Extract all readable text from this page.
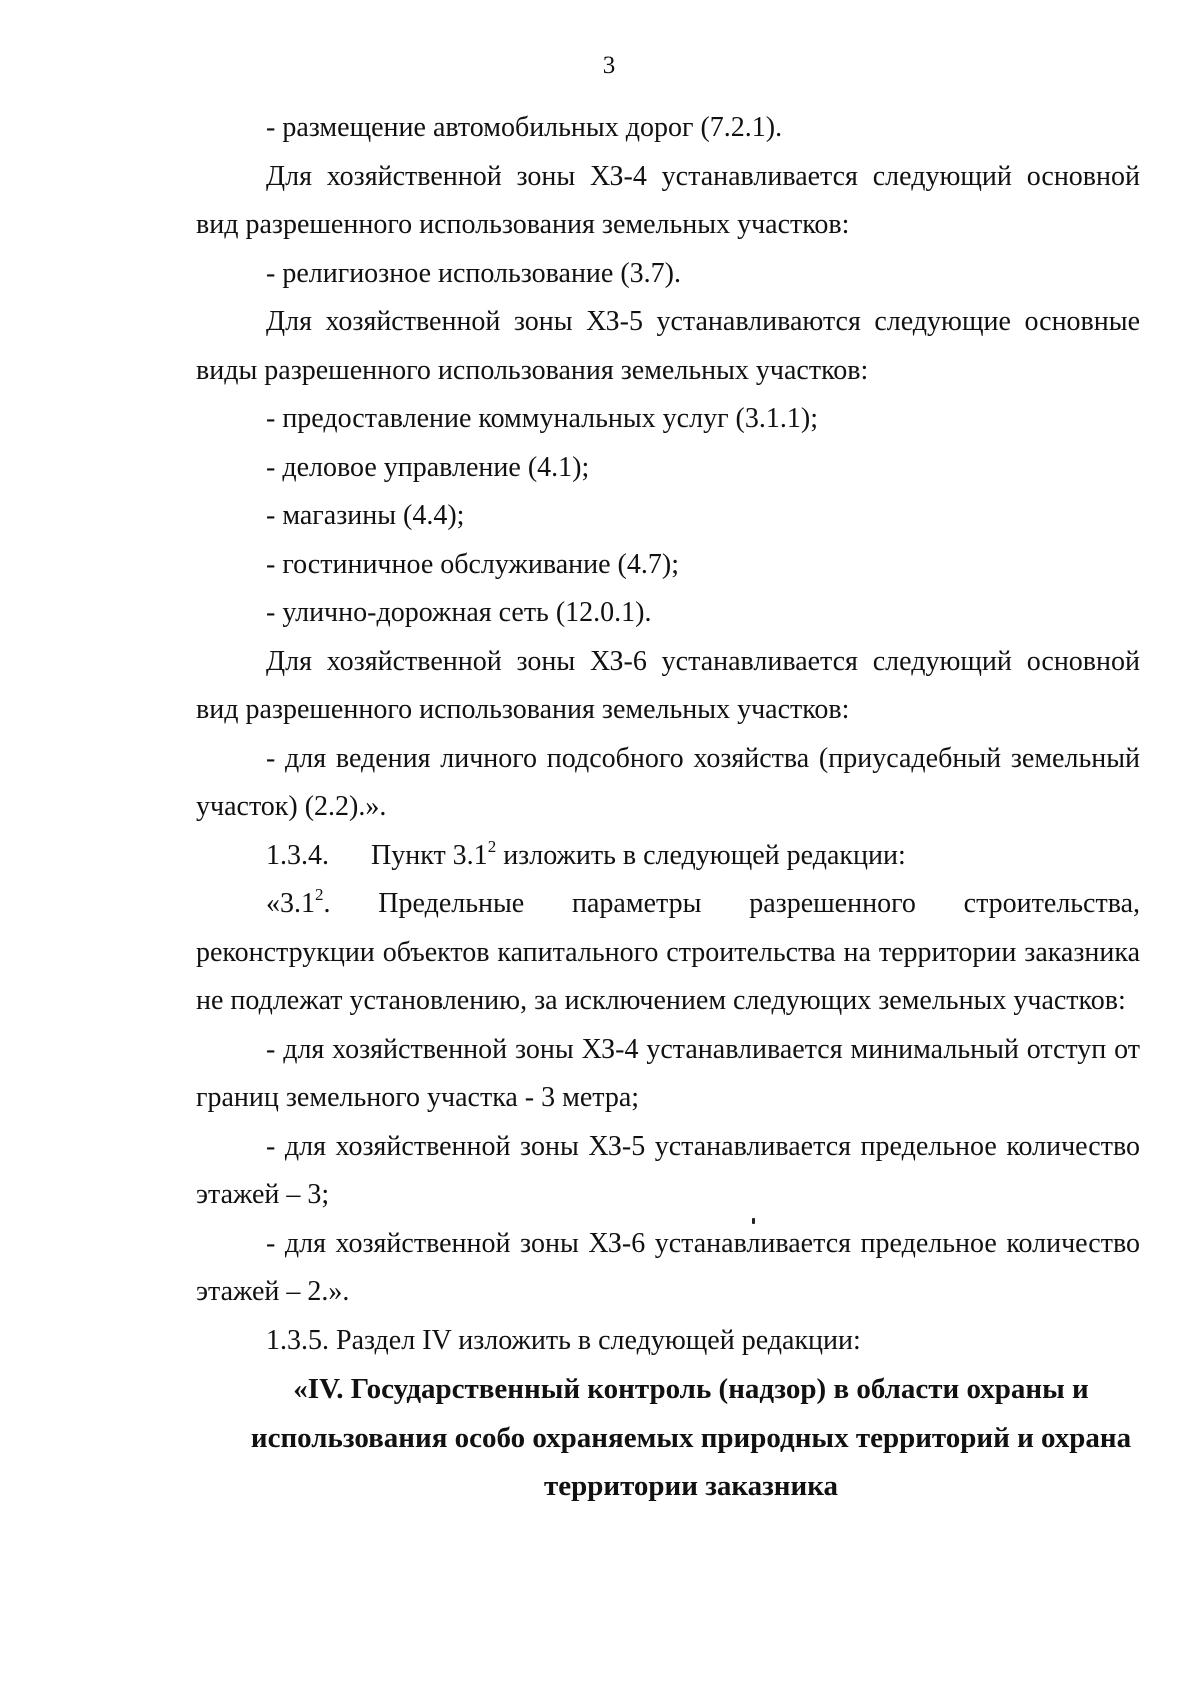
3

- размещение автомобильных дорог (7.2.1).

Для хозяйственной зоны ХЗ-4 устанавливается следующий основной вид разрешенного использования земельных участков:

- религиозное использование (3.7).

Для хозяйственной зоны ХЗ-5 устанавливаются следующие основные виды разрешенного использования земельных участков:

- предоставление коммунальных услуг (3.1.1);

- деловое управление (4.1);

- магазины (4.4);

- гостиничное обслуживание (4.7);

- улично-дорожная сеть (12.0.1).

Для хозяйственной зоны ХЗ-6 устанавливается следующий основной вид разрешенного использования земельных участков:

- для ведения личного подсобного хозяйства (приусадебный земельный участок) (2.2).».

1.3.4. Пункт $3.1^2$ изложить в следующей редакции:

«$3.1^2$. Предельные параметры разрешенного строительства, реконструкции объектов капитального строительства на территории заказника не подлежат установлению, за исключением следующих земельных участков:

- для хозяйственной зоны ХЗ-4 устанавливается минимальный отступ от границ земельного участка - 3 метра;

- для хозяйственной зоны ХЗ-5 устанавливается предельное количество этажей – 3;

- для хозяйственной зоны ХЗ-6 устанавливается предельное количество этажей – 2.».

1.3.5. Раздел IV изложить в следующей редакции:

«IV. Государственный контроль (надзор) в области охраны и использования особо охраняемых природных территорий и охрана территории заказника
